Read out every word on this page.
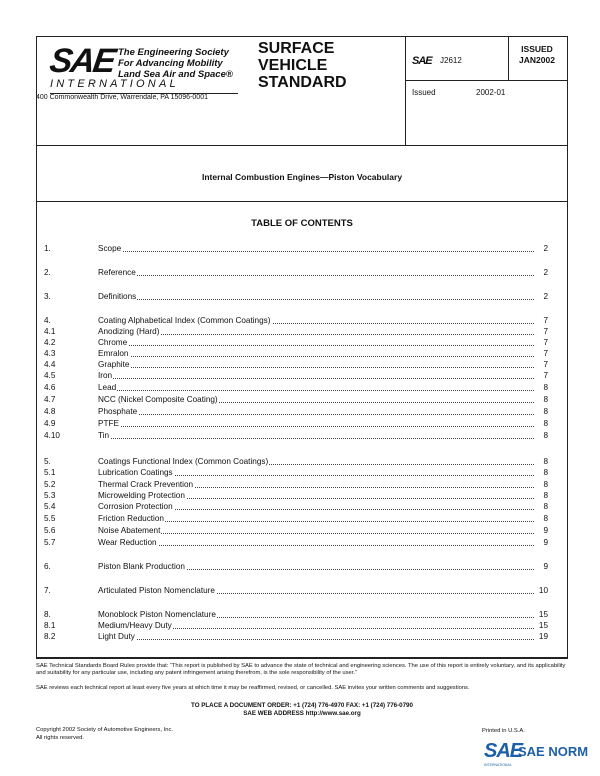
SAE The Engineering Society
For Advancing Mobility
Land Sea Air and Space®
INTERNATIONAL
400 Commonwealth Drive, Warrendale, PA 15096-0001
SURFACE
VEHICLE
STANDARD
SAE J2612
Issued	2002-01
ISSUED
JAN2002
Internal Combustion Engines—Piston Vocabulary
TABLE OF CONTENTS
1.	Scope	2
2.	Reference	2
3.	Definitions	2
4.	Coating Alphabetical Index (Common Coatings)	7
4.1	Anodizing (Hard)	7
4.2	Chrome	7
4.3	Emralon	7
4.4	Graphite	7
4.5	Iron	7
4.6	Lead	8
4.7	NCC (Nickel Composite Coating)	8
4.8	Phosphate	8
4.9	PTFE	8
4.10	Tin	8
5.	Coatings Functional Index (Common Coatings)	8
5.1	Lubrication Coatings	8
5.2	Thermal Crack Prevention	8
5.3	Microwelding Protection	8
5.4	Corrosion Protection	8
5.5	Friction Reduction	8
5.6	Noise Abatement	9
5.7	Wear Reduction	9
6.	Piston Blank Production	9
7.	Articulated Piston Nomenclature	10
8.	Monoblock Piston Nomenclature	15
8.1	Medium/Heavy Duty	15
8.2	Light Duty	19
SAE Technical Standards Board Rules provide that: “This report is published by SAE to advance the state of technical and engineering sciences. The use of this report is entirely voluntary, and its applicability and suitability for any particular use, including any patent infringement arising therefrom, is the sole responsibility of the user.”
SAE reviews each technical report at least every five years at which time it may be reaffirmed, revised, or cancelled. SAE invites your written comments and suggestions.
TO PLACE A DOCUMENT ORDER: +1 (724) 776-4970 FAX: +1 (724) 776-0790
SAE WEB ADDRESS http://www.sae.org
Copyright 2002 Society of Automotive Engineers, Inc.
All rights reserved.
Printed in U.S.A.
SAE
SAE NORM
INTERNATIONAL
